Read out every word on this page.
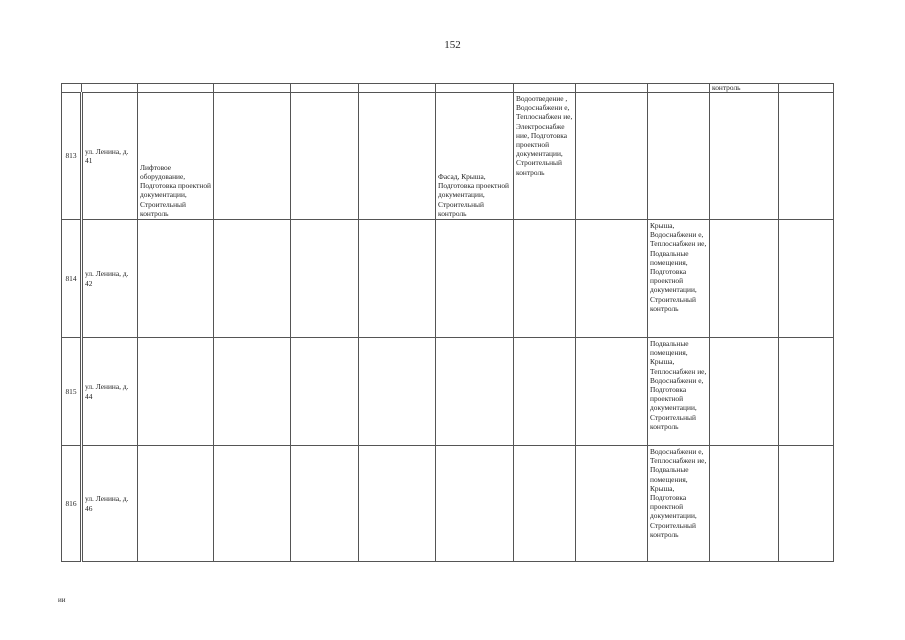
152
										контроль	
813	ул. Ленина, д. 41	Лифтовое оборудование, Подготовка проектной документации, Строительный контроль				Фасад, Крыша, Подготовка проектной документации, Строительный контроль	Водоотведение , Водоснабжени е, Теплоснабжен ие, Электроснабже ние, Подготовка проектной документации, Строительный контроль				
814	ул. Ленина, д. 42								Крыша, Водоснабжени е, Теплоснабжен ие, Подвальные помещения, Подготовка проектной документации, Строительный контроль		
815	ул. Ленина, д. 44								Подвальные помещения, Крыша, Теплоснабжен ие, Водоснабжени е, Подготовка проектной документации, Строительный контроль		
816	ул. Ленина, д. 46								Водоснабжени е, Теплоснабжен ие, Подвальные помещения, Крыша, Подготовка проектной документации, Строительный контроль		
ии
